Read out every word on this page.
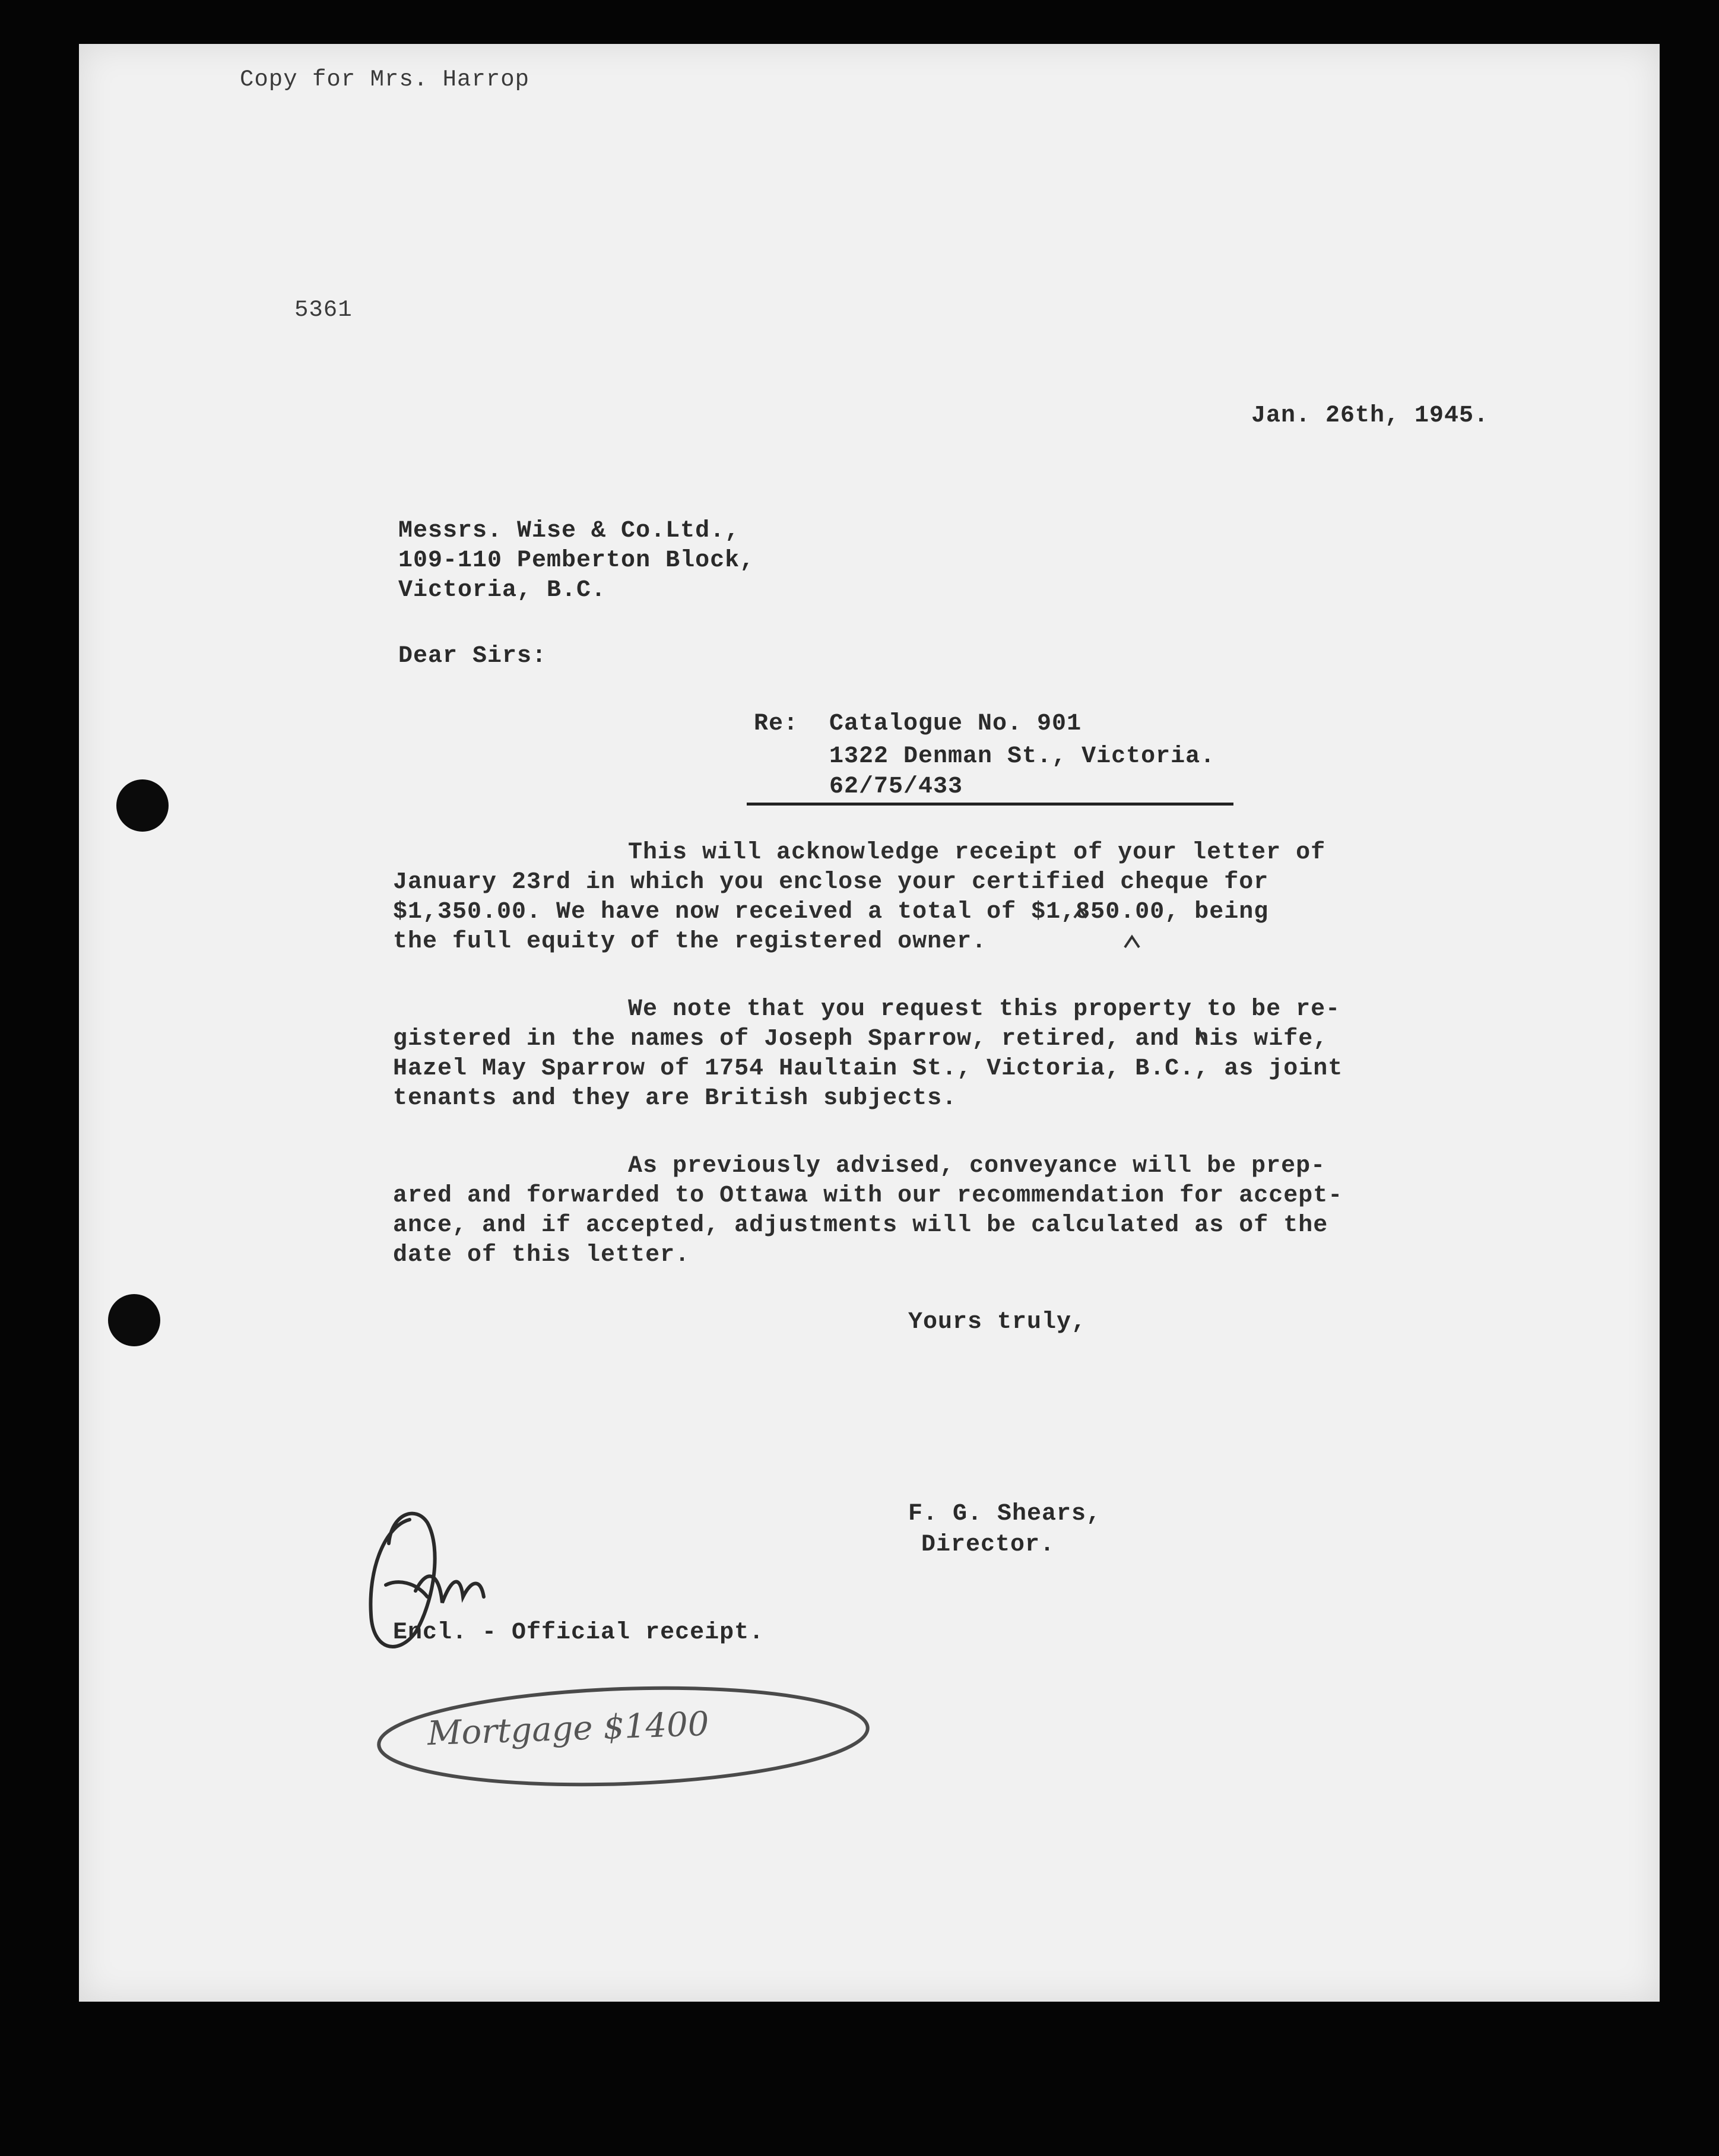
Copy for Mrs. Harrop
5361
Jan. 26th, 1945.
Messrs. Wise & Co.Ltd.,
109-110 Pemberton Block,
Victoria, B.C.
Dear Sirs:
Re: Catalogue No. 901
1322 Denman St., Victoria.
62/75/433
This will acknowledge receipt of your letter of
January 23rd in which you enclose your certified cheque for
$1,350.00. We have now received a total of $1,850.00, being
the full equity of the registered owner.
We note that you request this property to be re-
gistered in the names of Joseph Sparrow, retired, and his wife,
Hazel May Sparrow of 1754 Haultain St., Victoria, B.C., as joint
tenants and they are British subjects.
As previously advised, conveyance will be prep-
ared and forwarded to Ottawa with our recommendation for accept-
ance, and if accepted, adjustments will be calculated as of the
date of this letter.
Yours truly,
F. G. Shears,
Director.
Encl. - Official receipt.
Mortgage $1400
